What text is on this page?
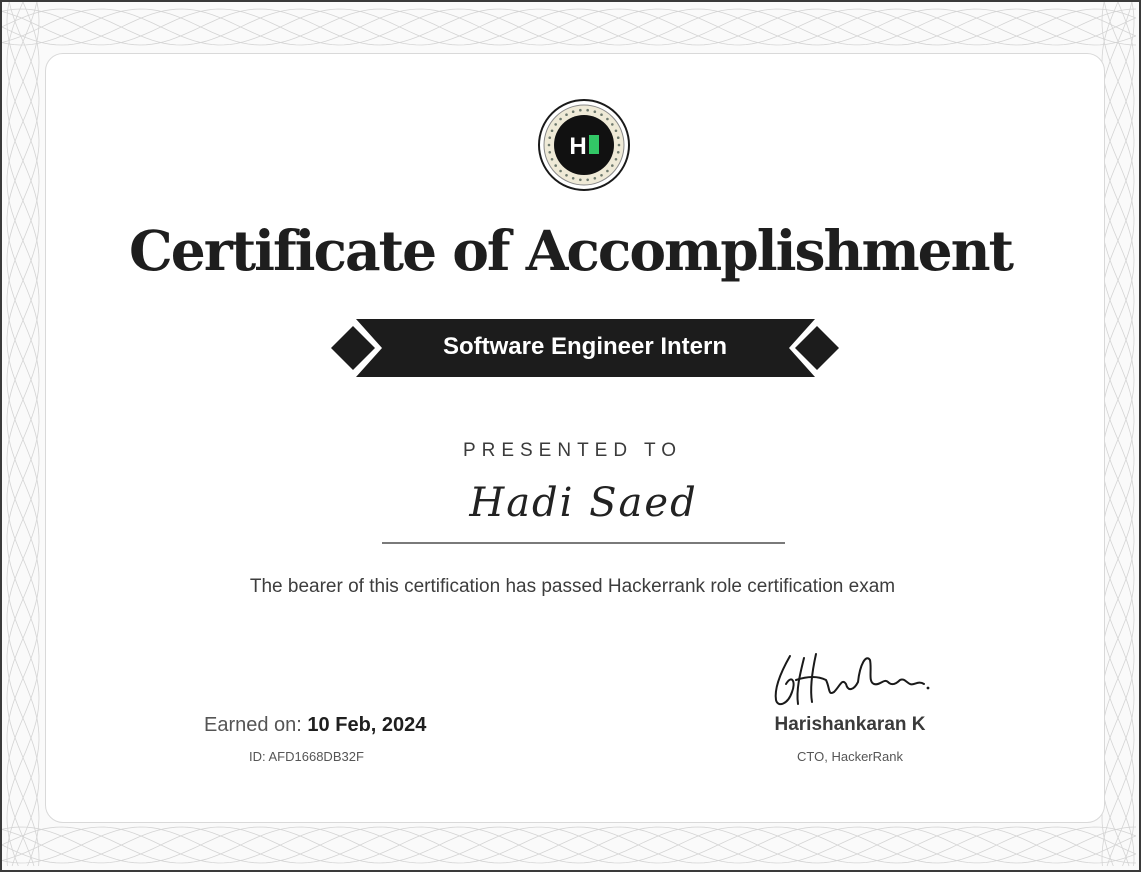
H
Certificate of Accomplishment
Software Engineer Intern
PRESENTED TO
Hadi Saed
The bearer of this certification has passed Hackerrank role certification exam
Earned on: 10 Feb, 2024
ID: AFD1668DB32F
Harishankaran K
CTO, HackerRank
